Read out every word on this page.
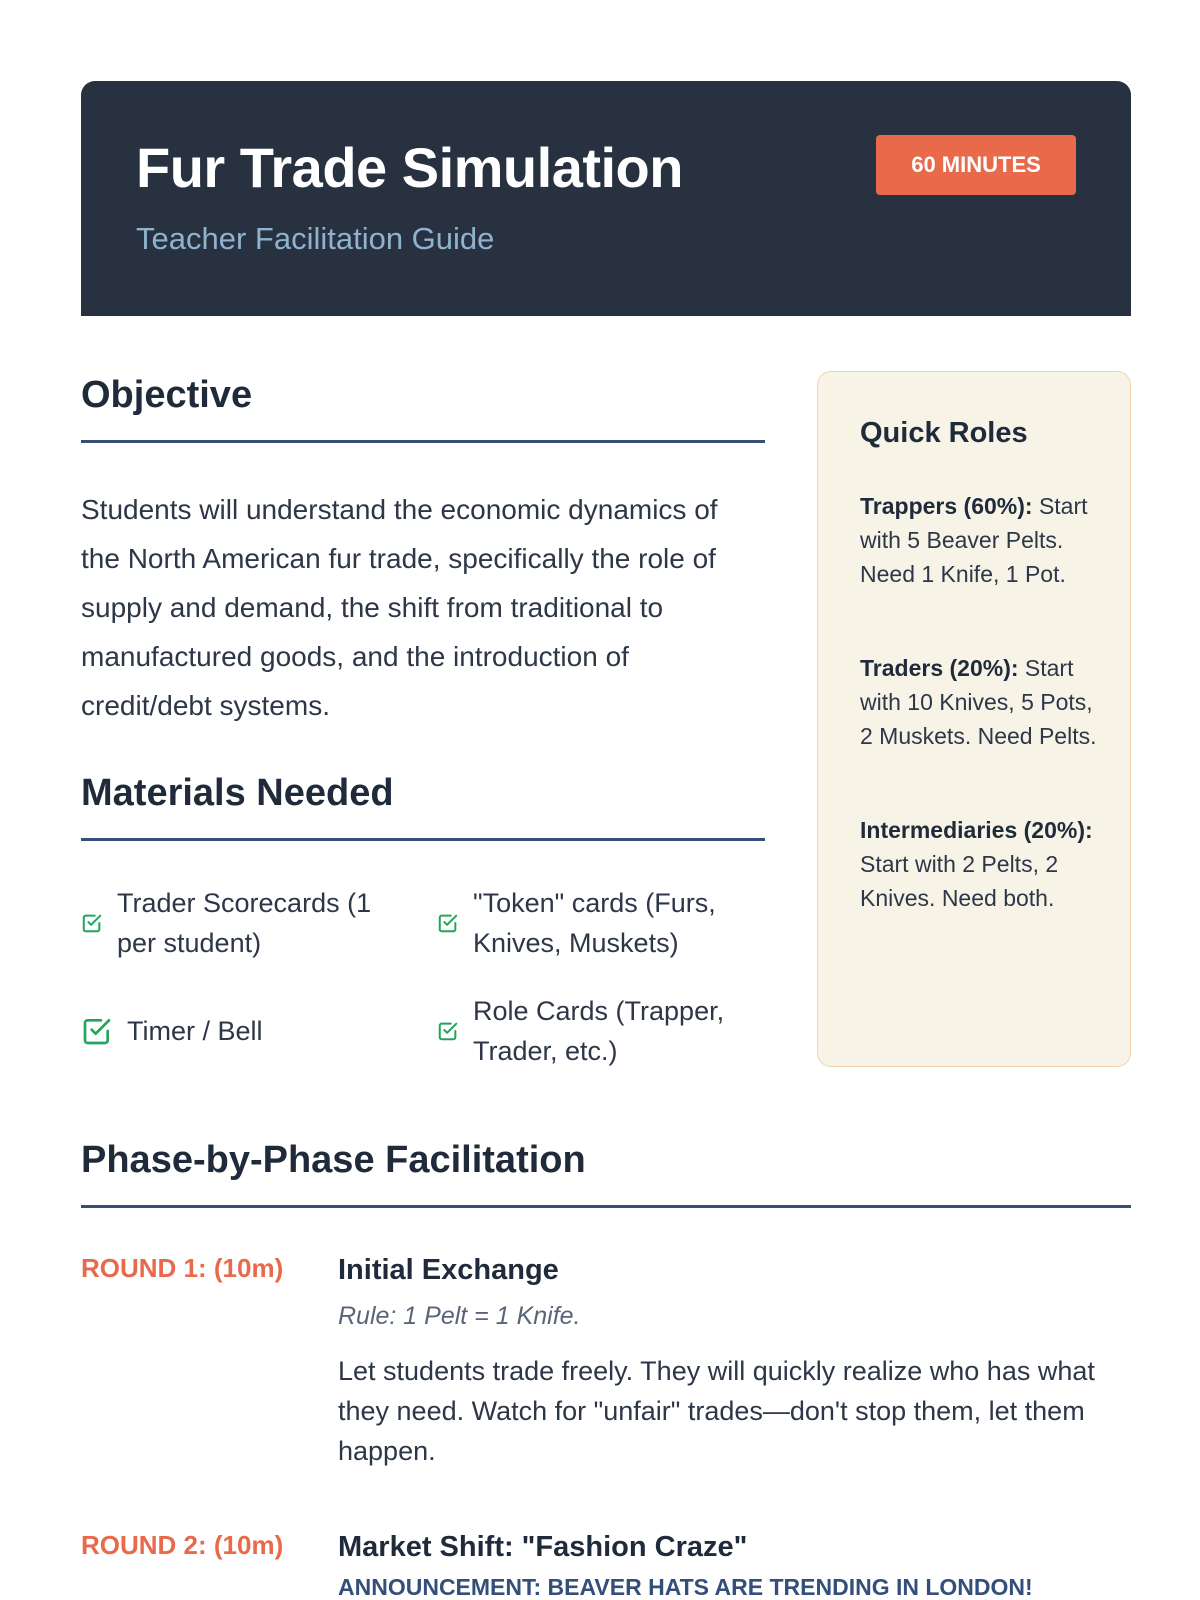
Fur Trade Simulation
Teacher Facilitation Guide
60 MINUTES
Objective
Students will understand the economic dynamics of the North American fur trade, specifically the role of supply and demand, the shift from traditional to manufactured goods, and the introduction of credit/debt systems.
Materials Needed
Trader Scorecards (1 per student)
"Token" cards (Furs, Knives, Muskets)
Timer / Bell
Role Cards (Trapper, Trader, etc.)
Quick Roles
Trappers (60%): Start with 5 Beaver Pelts. Need 1 Knife, 1 Pot.
Traders (20%): Start with 10 Knives, 5 Pots, 2 Muskets. Need Pelts.
Intermediaries (20%): Start with 2 Pelts, 2 Knives. Need both.
Phase-by-Phase Facilitation
ROUND 1: (10m) Initial Exchange
Rule: 1 Pelt = 1 Knife.
Let students trade freely. They will quickly realize who has what they need. Watch for "unfair" trades—don't stop them, let them happen.
ROUND 2: (10m) Market Shift: "Fashion Craze"
ANNOUNCEMENT: BEAVER HATS ARE TRENDING IN LONDON!
